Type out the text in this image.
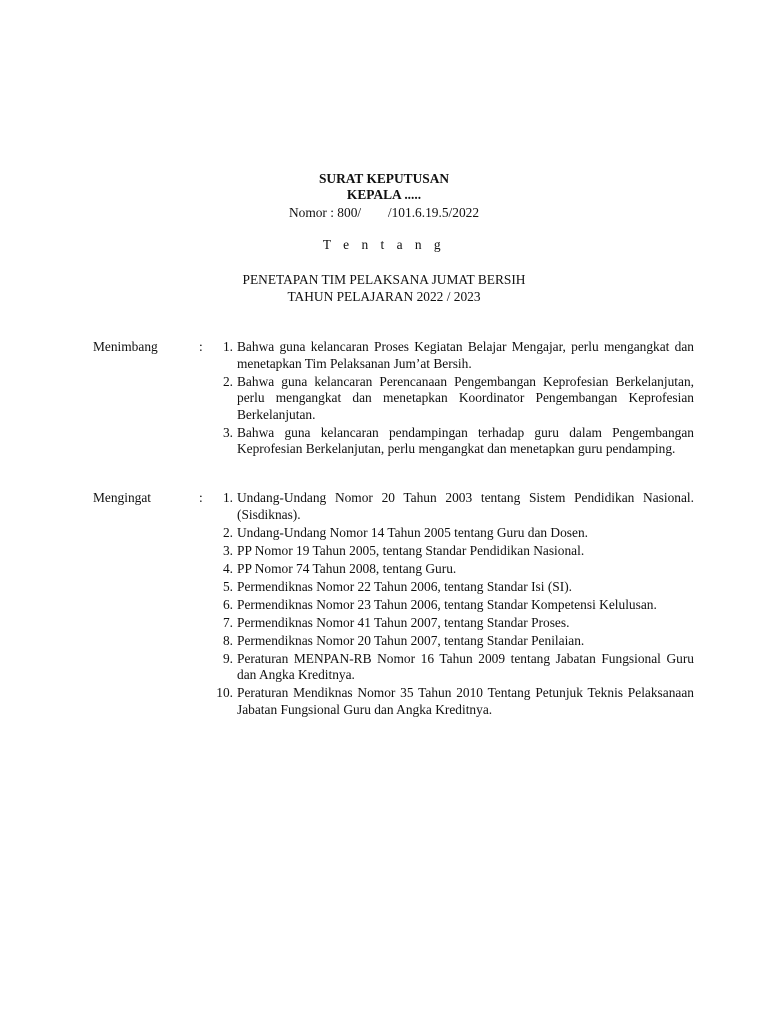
SURAT KEPUTUSAN
KEPALA .....
Nomor : 800/        /101.6.19.5/2022
T e n t a n g
PENETAPAN TIM PELAKSANA JUMAT BERSIH
TAHUN PELAJARAN 2022 / 2023
Menimbang	:	1. Bahwa guna kelancaran Proses Kegiatan Belajar Mengajar, perlu mengangkat dan menetapkan Tim Pelaksanan Jum’at Bersih.
2. Bahwa guna kelancaran Perencanaan Pengembangan Keprofesian Berkelanjutan, perlu mengangkat dan menetapkan Koordinator Pengembangan Keprofesian Berkelanjutan.
3. Bahwa guna kelancaran pendampingan terhadap guru dalam Pengembangan Keprofesian Berkelanjutan, perlu mengangkat dan menetapkan guru pendamping.
Mengingat	:	1. Undang-Undang Nomor 20 Tahun 2003 tentang Sistem Pendidikan Nasional. (Sisdiknas).
2. Undang-Undang Nomor 14 Tahun 2005 tentang Guru dan Dosen.
3. PP Nomor 19 Tahun 2005, tentang Standar Pendidikan Nasional.
4. PP Nomor 74 Tahun 2008, tentang Guru.
5. Permendiknas Nomor 22 Tahun 2006, tentang Standar Isi (SI).
6. Permendiknas Nomor 23 Tahun 2006, tentang Standar Kompetensi Kelulusan.
7. Permendiknas Nomor 41 Tahun 2007, tentang Standar Proses.
8. Permendiknas Nomor 20 Tahun 2007, tentang Standar Penilaian.
9. Peraturan MENPAN-RB Nomor 16 Tahun 2009 tentang Jabatan Fungsional Guru dan Angka Kreditnya.
10. Peraturan Mendiknas Nomor 35 Tahun 2010 Tentang Petunjuk Teknis Pelaksanaan Jabatan Fungsional Guru dan Angka Kreditnya.
